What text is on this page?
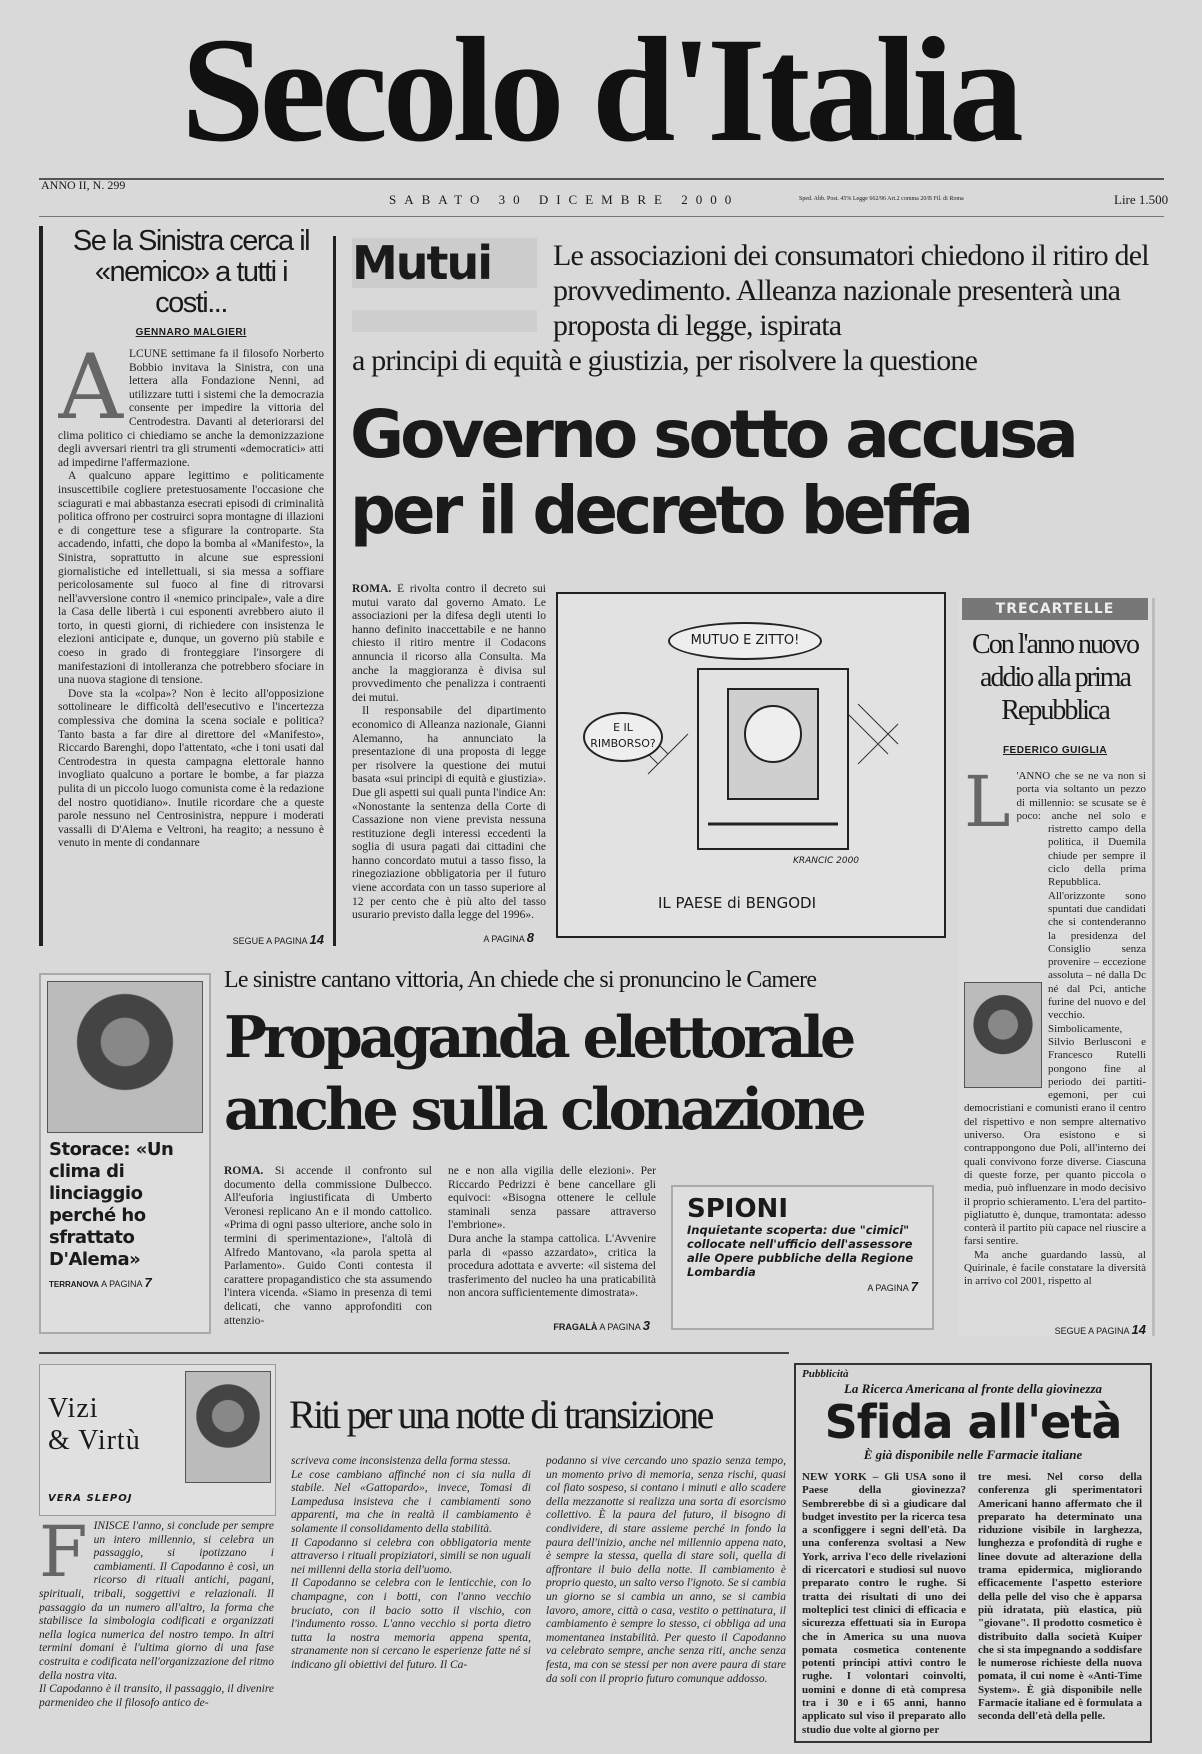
Secolo d'Italia
ANNO II, N. 299
SABATO 30 DICEMBRE 2000	Sped. Abb. Post. 45% Legge 662/96 Art.2 comma 20/B Fil. di Roma	Lire 1.500
Se la Sinistra cerca il «nemico» a tutti i costi...
GENNARO MALGIERI
A LCUNE settimane fa il filosofo Norberto Bobbio invitava la Sinistra, con una lettera alla Fondazione Nenni, ad utilizzare tutti i sistemi che la democrazia consente per impedire la vittoria del Centrodestra. Davanti al deteriorarsi del clima politico ci chiediamo se anche la demonizzazione degli avversari rientri tra gli strumenti «democratici» atti ad impedirne l'affermazione.

A qualcuno appare legittimo e politicamente insuscettibile cogliere pretestuosamente l'occasione che sciagurati e mai abbastanza esecrati episodi di criminalità politica offrono per costruirci sopra montagne di illazioni e di congetture tese a sfigurare la controparte. Sta accadendo, infatti, che dopo la bomba al «Manifesto», la Sinistra, soprattutto in alcune sue espressioni giornalistiche ed intellettuali, si sia messa a soffiare pericolosamente sul fuoco al fine di ritrovarsi nell'avversione contro il «nemico principale», vale a dire la Casa delle libertà i cui esponenti avrebbero aiuto il torto, in questi giorni, di richiedere con insistenza le elezioni anticipate e, dunque, un governo più stabile e coeso in grado di fronteggiare l'insorgere di manifestazioni di intolleranza che potrebbero sfociare in una nuova stagione di tensione.

Dove sta la «colpa»? Non è lecito all'opposizione sottolineare le difficoltà dell'esecutivo e l'incertezza complessiva che domina la scena sociale e politica? Tanto basta a far dire al direttore del «Manifesto», Riccardo Barenghi, dopo l'attentato, «che i toni usati dal Centrodestra in questa campagna elettorale hanno invogliato qualcuno a portare le bombe, a far piazza pulita di un piccolo luogo comunista come è la redazione del nostro quotidiano». Inutile ricordare che a queste parole nessuno nel Centrosinistra, neppure i moderati vassalli di D'Alema e Veltroni, ha reagito; a nessuno è venuto in mente di condannare

SEGUE A PAGINA 14
Mutui	Le associazioni dei consumatori chiedono il ritiro del provvedimento. Alleanza nazionale presenterà una proposta di legge, ispirata
a principi di equità e giustizia, per risolvere la questione
Governo sotto accusa
per il decreto beffa

ROMA. È rivolta contro il decreto sui mutui varato dal governo Amato. Le associazioni per la difesa degli utenti lo hanno definito inaccettabile e ne hanno chiesto il ritiro mentre il Codacons annuncia il ricorso alla Consulta. Ma anche la maggioranza è divisa sul provvedimento che penalizza i contraenti dei mutui.

Il responsabile del dipartimento economico di Alleanza nazionale, Gianni Alemanno, ha annunciato la presentazione di una proposta di legge per risolvere la questione dei mutui basata «sui principi di equità e giustizia». Due gli aspetti sui quali punta l'indice An: «Nonostante la sentenza della Corte di Cassazione non viene prevista nessuna restituzione degli interessi eccedenti la soglia di usura pagati dai cittadini che hanno concordato mutui a tasso fisso, la rinegoziazione obbligatoria per il futuro viene accordata con un tasso superiore al 12 per cento che è più alto del tasso usurario previsto dalla legge del 1996».

A PAGINA 8
MUTUO E ZITTO!
E IL RIMBORSO?
KRANCIC 2000
IL PAESE di BENGODI
TRECARTELLE
Con l'anno nuovo addio alla prima Repubblica
FEDERICO GUIGLIA
L 'ANNO che se ne va non si porta via soltanto un pezzo di millennio: se scusate se è poco: anche nel solo e ristretto campo della politica, il Duemila chiude per sempre il ciclo della prima Repubblica. All'orizzonte sono spuntati due candidati che si contenderanno la presidenza del Consiglio senza provenire – eccezione assoluta – né dalla Dc né dal Pci, antiche furine del nuovo e del vecchio. Simbolicamente, Silvio Berlusconi e Francesco Rutelli pongono fine al periodo dei partiti-egemoni, per cui democristiani e comunisti erano il centro del rispettivo e non sempre alternativo universo. Ora esistono e si contrappongono due Poli, all'interno dei quali convivono forze diverse. Ciascuna di queste forze, per quanto piccola o media, può influenzare in modo decisivo il proprio schieramento. L'era del partito-pigliatutto è, dunque, tramontata: adesso conterà il partito più capace nel riuscire a farsi sentire.

Ma anche guardando lassù, al Quirinale, è facile constatare la diversità in arrivo col 2001, rispetto al

SEGUE A PAGINA 14
Storace: «Un clima di linciaggio perché ho sfrattato D'Alema»
TERRANOVA A PAGINA 7
Le sinistre cantano vittoria, An chiede che si pronuncino le Camere
Propaganda elettorale
anche sulla clonazione

ROMA. Si accende il confronto sul documento della commissione Dulbecco. All'euforia ingiustificata di Umberto Veronesi replicano An e il mondo cattolico. «Prima di ogni passo ulteriore, anche solo in termini di sperimentazione», l'altolà di Alfredo Mantovano, «la parola spetta al Parlamento». Guido Conti contesta il carattere propagandistico che sta assumendo l'intera vicenda. «Siamo in presenza di temi delicati, che vanno approfonditi con attenzio-

ne e non alla vigilia delle elezioni». Per Riccardo Pedrizzi è bene cancellare gli equivoci: «Bisogna ottenere le cellule staminali senza passare attraverso l'embrione».
Dura anche la stampa cattolica. L'Avvenire parla di «passo azzardato», critica la procedura adottata e avverte: «il sistema del trasferimento del nucleo ha una praticabilità non ancora sufficientemente dimostrata».
FRAGALÀ A PAGINA 3
SPIONI
Inquietante scoperta: due "cimici" collocate nell'ufficio dell'assessore alle Opere pubbliche della Regione Lombardia
A PAGINA 7
Vizi
& Virtù
VERA SLEPOJ
FINISCE l'anno, si conclude per sempre un intero millennio, si celebra un passaggio, si ipotizzano i cambiamenti. Il Capodanno è così, un ricorso di rituali antichi, pagani, spirituali, tribali, soggettivi e relazionali. Il passaggio da un numero all'altro, la forma che stabilisce la simbologia codificati e organizzati nella logica numerica del nostro tempo. In altri termini domani è l'ultima giorno di una fase costruita e codificata nell'organizzazione del ritmo della nostra vita.
Il Capodanno è il transito, il passaggio, il divenire parmenideo che il filosofo antico de-
Riti per una notte di transizione
scriveva come inconsistenza della forma stessa.
Le cose cambiano affinché non ci sia nulla di stabile. Nel «Gattopardo», invece, Tomasi di Lampedusa insisteva che i cambiamenti sono apparenti, ma che in realtà il cambiamento è solamente il consolidamento della stabilità.
Il Capodanno si celebra con obbligatoria mente attraverso i rituali propiziatori, simili se non uguali nei millenni della storia dell'uomo.
Il Capodanno se celebra con le lenticchie, con lo champagne, con i botti, con l'anno vecchio bruciato, con il bacio sotto il vischio, con l'indumento rosso. L'anno vecchio si porta dietro tutta la nostra memoria appena spenta, stranamente non si cercano le esperienze fatte né si indicano gli obiettivi del futuro. Il Ca-
podanno si vive cercando uno spazio senza tempo, un momento privo di memoria, senza rischi, quasi col fiato sospeso, si contano i minuti e allo scadere della mezzanotte si realizza una sorta di esorcismo collettivo. È la paura del futuro, il bisogno di condividere, di stare assieme perché in fondo la paura dell'inizio, anche nel millennio appena nato, è sempre la stessa, quella di stare soli, quella di affrontare il buio della notte. Il cambiamento è proprio questo, un salto verso l'ignoto. Se si cambia un giorno se si cambia un anno, se si cambia lavoro, amore, città o casa, vestito o pettinatura, il cambiamento è sempre lo stesso, ci obbliga ad una momentanea instabilità. Per questo il Capodanno va celebrato sempre, anche senza riti, anche senza festa, ma con se stessi per non avere paura di stare da soli con il proprio futuro comunque addosso.
Pubblicità
La Ricerca Americana al fronte della giovinezza
Sfida all'età
È già disponibile nelle Farmacie italiane
NEW YORK – Gli USA sono il Paese della giovinezza? Sembrerebbe di sì a giudicare dal budget investito per la ricerca tesa a sconfiggere i segni dell'età. Da una conferenza svoltasi a New York, arriva l'eco delle rivelazioni di ricercatori e studiosi sul nuovo preparato contro le rughe. Si tratta dei risultati di uno dei molteplici test clinici di efficacia e sicurezza effettuati sia in Europa che in America su una nuova pomata cosmetica contenente potenti principi attivi contro le rughe. I volontari coinvolti, uomini e donne di età compresa tra i 30 e i 65 anni, hanno applicato sul viso il preparato allo studio due volte al giorno per
tre mesi. Nel corso della conferenza gli sperimentatori Americani hanno affermato che il preparato ha determinato una riduzione visibile in larghezza, lunghezza e profondità di rughe e linee dovute ad alterazione della trama epidermica, migliorando efficacemente l'aspetto esteriore della pelle del viso che è apparsa più idratata, più elastica, più "giovane". Il prodotto cosmetico è distribuito dalla società Kuiper che si sta impegnando a soddisfare le numerose richieste della nuova pomata, il cui nome è «Anti-Time System». È già disponibile nelle Farmacie italiane ed è formulata a seconda dell'età della pelle.
